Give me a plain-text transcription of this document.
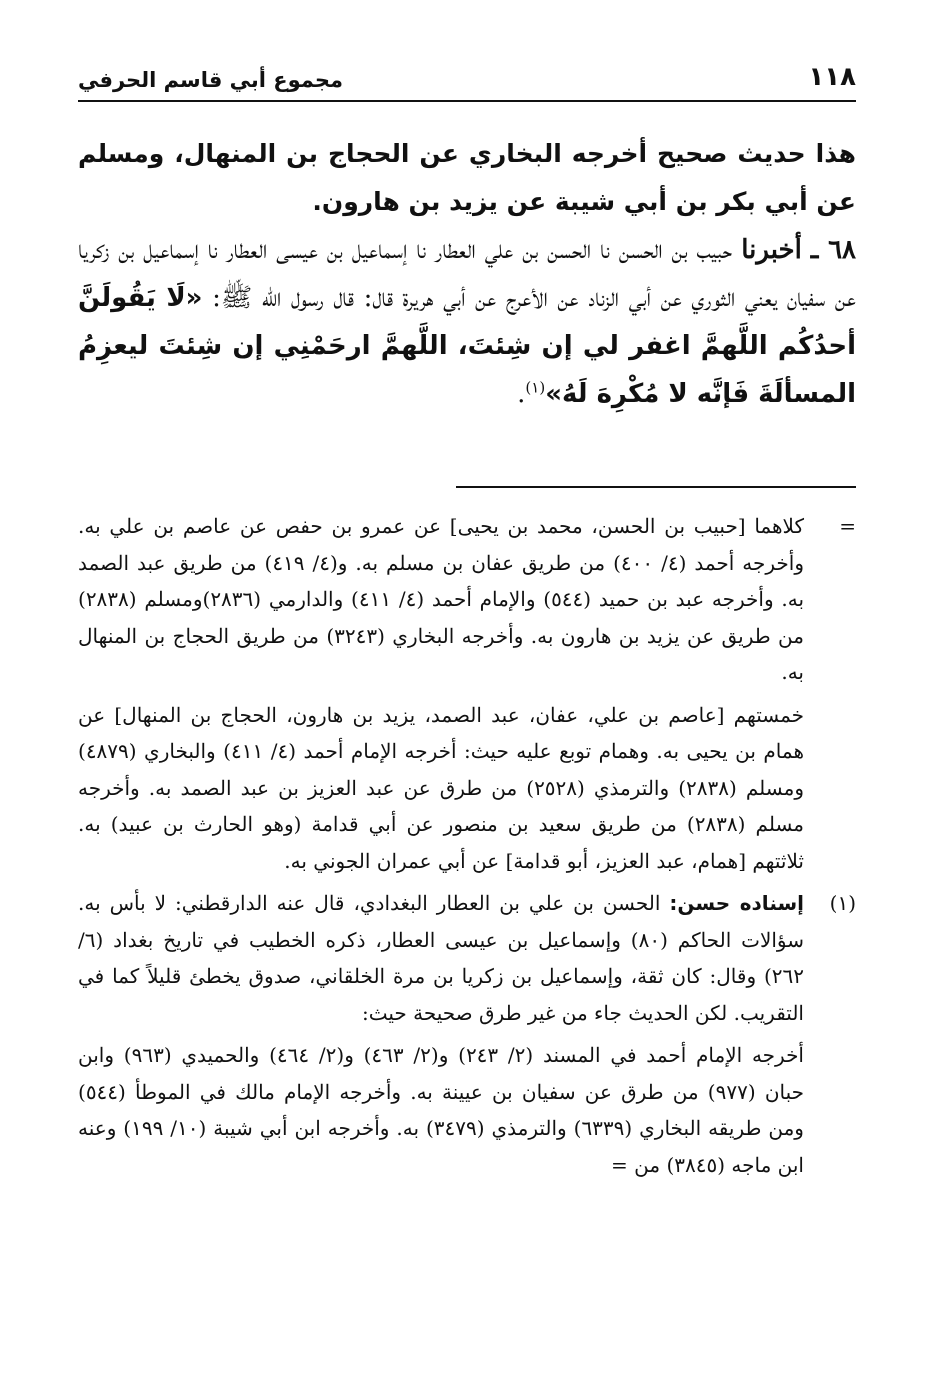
١١٨
مجموع أبي قاسم الحرفي

هذا حديث صحيح أخرجه البخاري عن الحجاج بن المنهال، ومسلم عن أبي بكر بن أبي شيبة عن يزيد بن هارون.

٦٨ ـ أخبرنا حبيب بن الحسن نا الحسن بن علي العطار نا إسماعيل بن عيسى العطار نا إسماعيل بن زكريا عن سفيان يعني الثوري عن أبي الزناد عن الأعرج عن أبي هريرة قال: قال رسول الله ﷺ: «لَا يَقُولَنَّ أحدُكُم اللَّهمَّ اغفر لي إن شِئتَ، اللَّهمَّ ارحَمْنِي إن شِئتَ ليعزِمُ المسألَةَ فَإنَّه لا مُكْرِهَ لَهُ»$^{(١)}$.

=
كلاهما [حبيب بن الحسن، محمد بن يحيى] عن عمرو بن حفص عن عاصم بن علي به. وأخرجه أحمد (٤/ ٤٠٠) من طريق عفان بن مسلم به. و(٤/ ٤١٩) من طريق عبد الصمد به. وأخرجه عبد بن حميد (٥٤٤) والإمام أحمد (٤/ ٤١١) والدارمي (٢٨٣٦)ومسلم (٢٨٣٨) من طريق عن يزيد بن هارون به. وأخرجه البخاري (٣٢٤٣) من طريق الحجاج بن المنهال به.

خمستهم [عاصم بن علي، عفان، عبد الصمد، يزيد بن هارون، الحجاج بن المنهال] عن همام بن يحيى به. وهمام توبع عليه حيث: أخرجه الإمام أحمد (٤/ ٤١١) والبخاري (٤٨٧٩) ومسلم (٢٨٣٨) والترمذي (٢٥٢٨) من طرق عن عبد العزيز بن عبد الصمد به. وأخرجه مسلم (٢٨٣٨) من طريق سعيد بن منصور عن أبي قدامة (وهو الحارث بن عبيد) به. ثلاثتهم [همام، عبد العزيز، أبو قدامة] عن أبي عمران الجوني به.

(١)
إسناده حسن: الحسن بن علي بن العطار البغدادي، قال عنه الدارقطني: لا بأس به. سؤالات الحاكم (٨٠) وإسماعيل بن عيسى العطار، ذكره الخطيب في تاريخ بغداد (٦/ ٢٦٢) وقال: كان ثقة، وإسماعيل بن زكريا بن مرة الخلقاني، صدوق يخطئ قليلاً كما في التقريب. لكن الحديث جاء من غير طرق صحيحة حيث:

أخرجه الإمام أحمد في المسند (٢/ ٢٤٣) و(٢/ ٤٦٣) و(٢/ ٤٦٤) والحميدي (٩٦٣) وابن حبان (٩٧٧) من طرق عن سفيان بن عيينة به. وأخرجه الإمام مالك في الموطأ (٥٤٤) ومن طريقه البخاري (٦٣٣٩) والترمذي (٣٤٧٩) به. وأخرجه ابن أبي شيبة (١٠/ ١٩٩) وعنه ابن ماجه (٣٨٤٥) من =
